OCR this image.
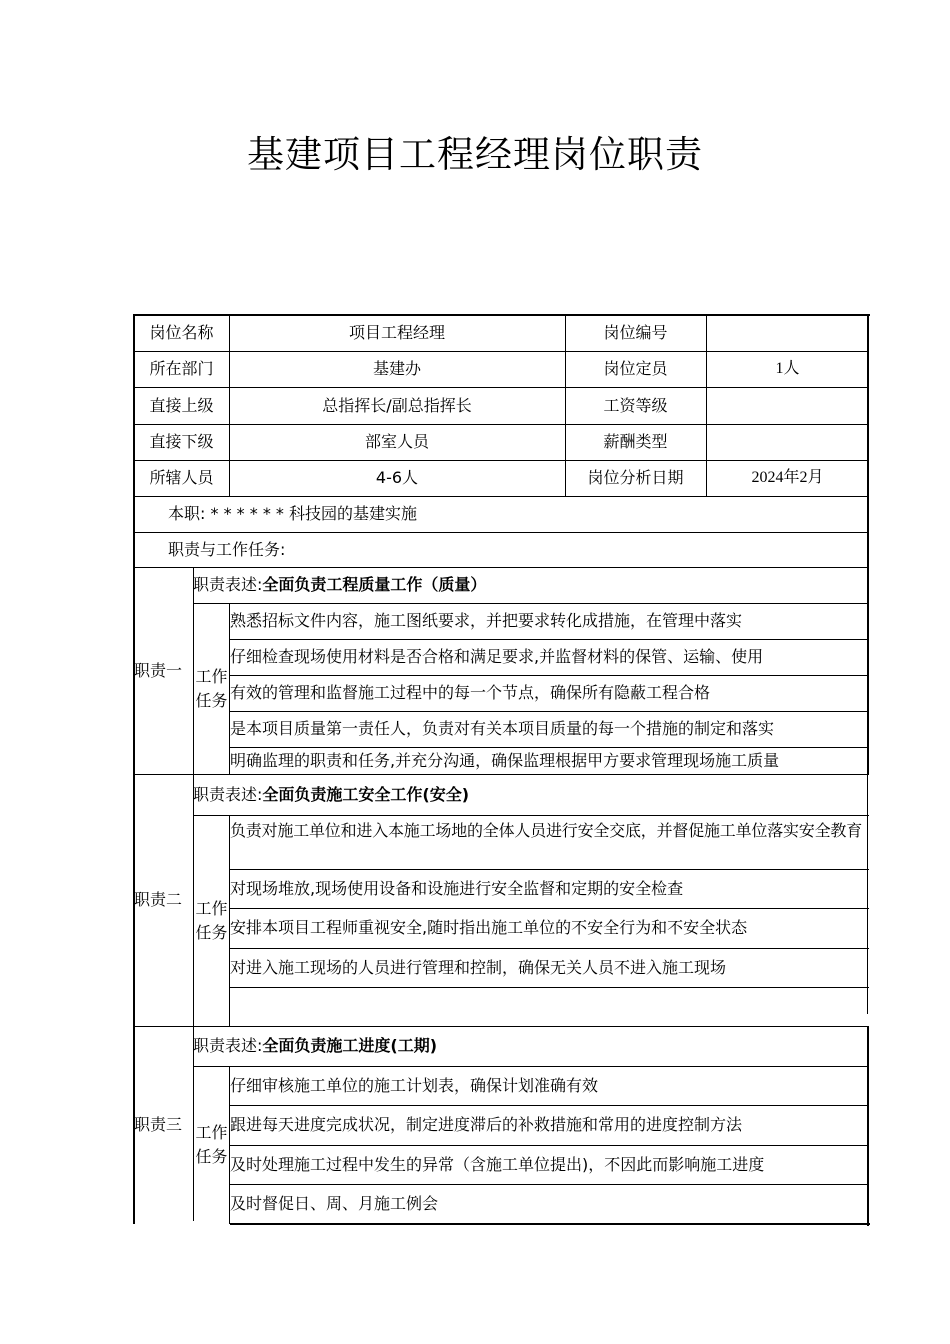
基建项目工程经理岗位职责
岗位名称	项目工程经理	岗位编号
所在部门	基建办	岗位定员	1人
直接上级	总指挥长/副总指挥长	工资等级
直接下级	部室人员	薪酬类型
所辖人员	4-6人	岗位分析日期	2024年2月
本职: * * * * * * 科技园的基建实施
职责与工作任务:
职责一
职责表述: 全面负责工程质量工作（质量）
工作
任务
熟悉招标文件内容，施工图纸要求，并把要求转化成措施，在管理中落实
仔细检查现场使用材料是否合格和满足要求,并监督材料的保管、运输、使用
有效的管理和监督施工过程中的每一个节点，确保所有隐蔽工程合格
是本项目质量第一责任人，负责对有关本项目质量的每一个措施的制定和落实
明确监理的职责和任务,并充分沟通，确保监理根据甲方要求管理现场施工质量
职责二
职责表述: 全面负责施工安全工作(安全)
工作
任务
负责对施工单位和进入本施工场地的全体人员进行安全交底，并督促施工单位落实安全教育
对现场堆放,现场使用设备和设施进行安全监督和定期的安全检查
安排本项目工程师重视安全,随时指出施工单位的不安全行为和不安全状态
对进入施工现场的人员进行管理和控制，确保无关人员不进入施工现场
职责三
职责表述: 全面负责施工进度(工期)
工作
任务
仔细审核施工单位的施工计划表，确保计划准确有效
跟进每天进度完成状况，制定进度滞后的补救措施和常用的进度控制方法
及时处理施工过程中发生的异常（含施工单位提出)，不因此而影响施工进度
及时督促日、周、月施工例会
